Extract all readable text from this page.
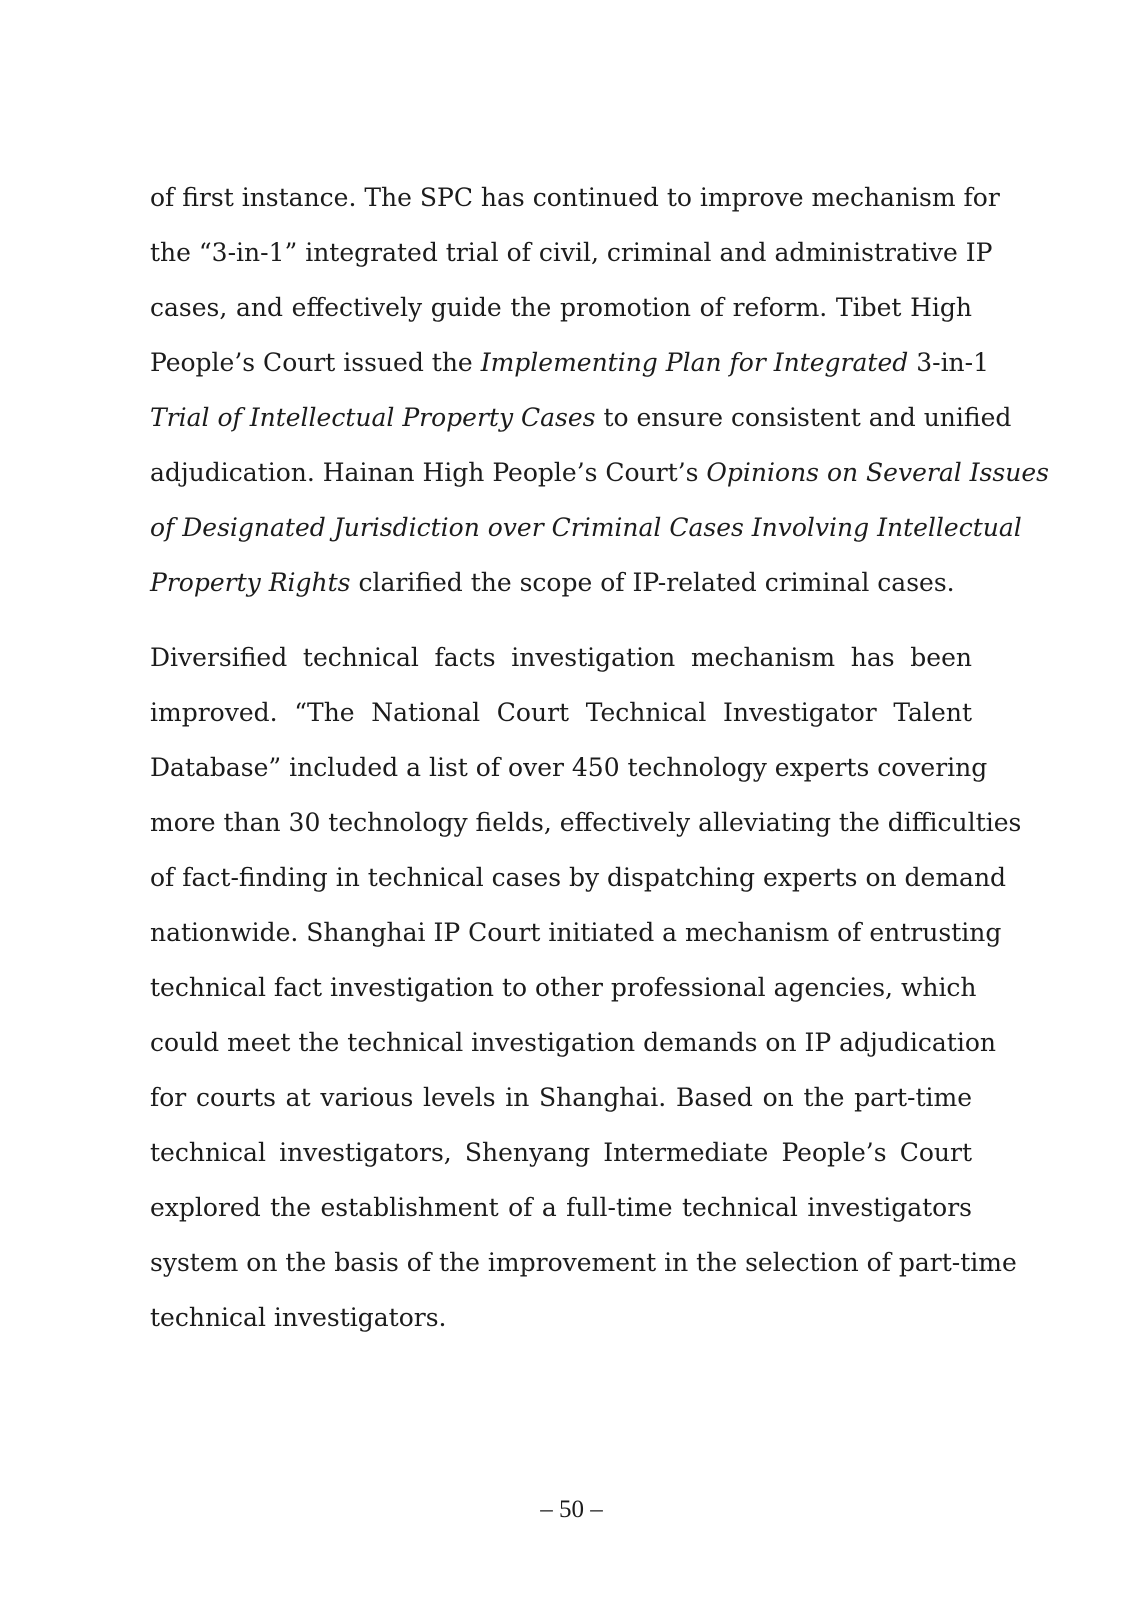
of first instance. The SPC has continued to improve mechanism for
the “3-in-1” integrated trial of civil, criminal and administrative IP
cases, and effectively guide the promotion of reform. Tibet High
People’s Court issued the Implementing Plan for Integrated 3-in-1
Trial of Intellectual Property Cases to ensure consistent and unified
adjudication. Hainan High People’s Court’s Opinions on Several Issues
of Designated Jurisdiction over Criminal Cases Involving Intellectual
Property Rights clarified the scope of IP-related criminal cases.
Diversified technical facts investigation mechanism has been
improved. “The National Court Technical Investigator Talent
Database” included a list of over 450 technology experts covering
more than 30 technology fields, effectively alleviating the difficulties
of fact-finding in technical cases by dispatching experts on demand
nationwide. Shanghai IP Court initiated a mechanism of entrusting
technical fact investigation to other professional agencies, which
could meet the technical investigation demands on IP adjudication
for courts at various levels in Shanghai. Based on the part-time
technical investigators, Shenyang Intermediate People’s Court
explored the establishment of a full-time technical investigators
system on the basis of the improvement in the selection of part-time
technical investigators.
– 50 –
